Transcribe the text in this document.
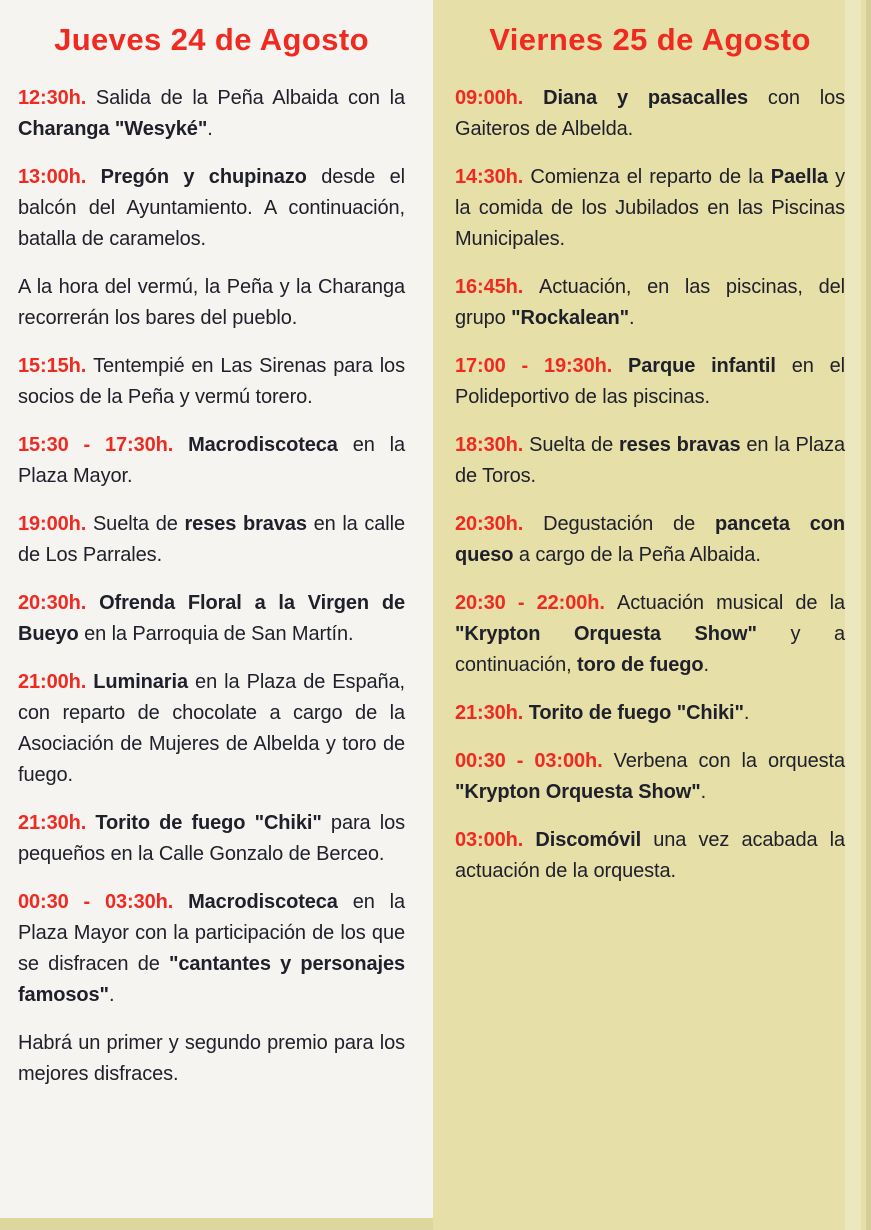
Jueves 24 de Agosto

12:30h. Salida de la Peña Albaida con la Charanga "Wesyké".

13:00h. Pregón y chupinazo desde el balcón del Ayuntamiento. A continuación, batalla de caramelos.

A la hora del vermú, la Peña y la Charanga recorrerán los bares del pueblo.

15:15h. Tentempié en Las Sirenas para los socios de la Peña y vermú torero.

15:30 - 17:30h. Macrodiscoteca en la Plaza Mayor.

19:00h. Suelta de reses bravas en la calle de Los Parrales.

20:30h. Ofrenda Floral a la Virgen de Bueyo en la Parroquia de San Martín.

21:00h. Luminaria en la Plaza de España, con reparto de chocolate a cargo de la Asociación de Mujeres de Albelda y toro de fuego.

21:30h. Torito de fuego "Chiki" para los pequeños en la Calle Gonzalo de Berceo.

00:30 - 03:30h. Macrodiscoteca en la Plaza Mayor con la participación de los que se disfracen de "cantantes y personajes famosos".

Habrá un primer y segundo premio para los mejores disfraces.

Viernes 25 de Agosto

09:00h. Diana y pasacalles con los Gaiteros de Albelda.

14:30h. Comienza el reparto de la Paella y la comida de los Jubilados en las Piscinas Municipales.

16:45h. Actuación, en las piscinas, del grupo "Rockalean".

17:00 - 19:30h. Parque infantil en el Polideportivo de las piscinas.

18:30h. Suelta de reses bravas en la Plaza de Toros.

20:30h. Degustación de panceta con queso a cargo de la Peña Albaida.

20:30 - 22:00h. Actuación musical de la "Krypton Orquesta Show" y a continuación, toro de fuego.

21:30h. Torito de fuego "Chiki".

00:30 - 03:00h. Verbena con la orquesta "Krypton Orquesta Show".

03:00h. Discomóvil una vez acabada la actuación de la orquesta.
